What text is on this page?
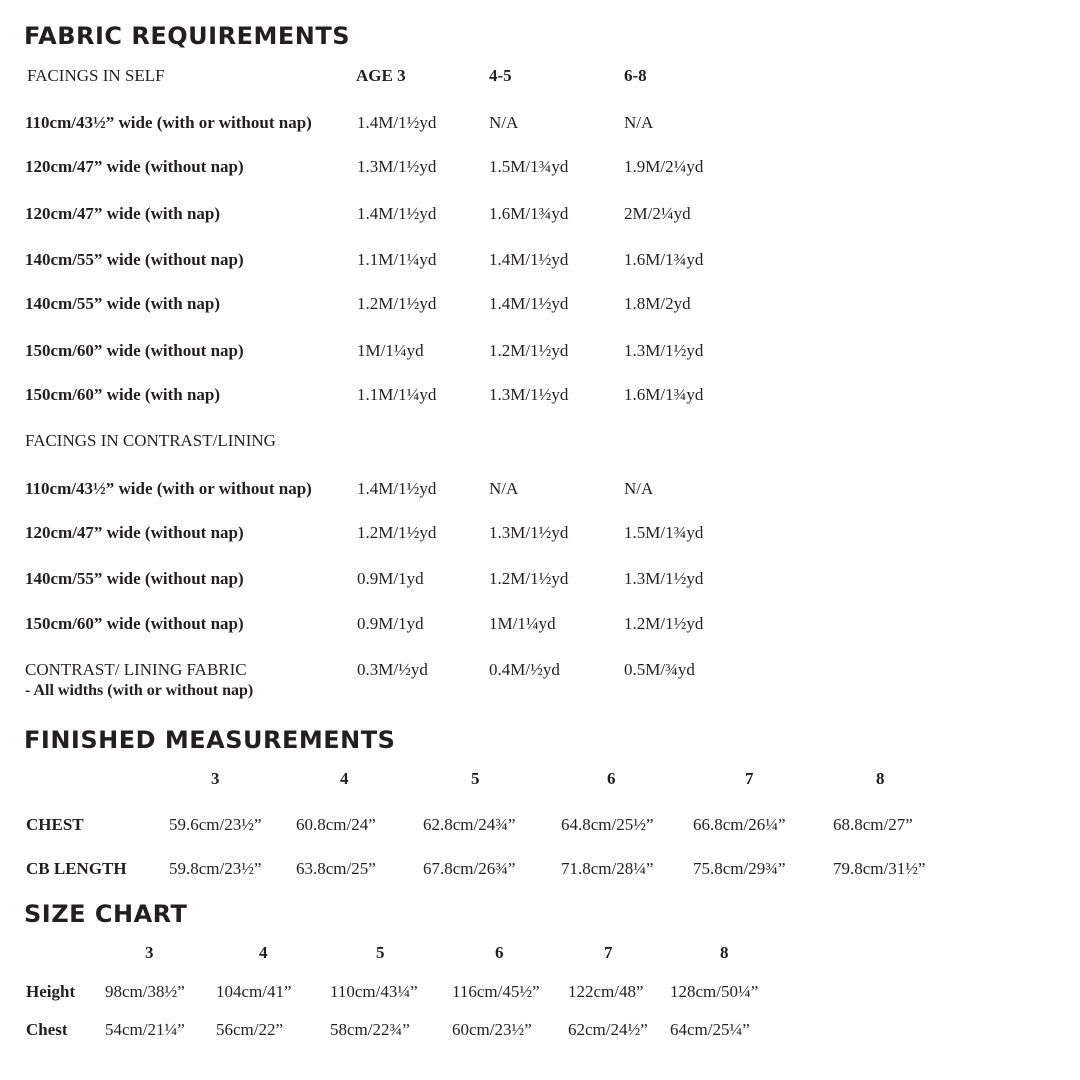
FABRIC REQUIREMENTS
FACINGS IN SELF	AGE 3	4-5	6-8
110cm/43½” wide (with or without nap)	1.4M/1½yd	N/A	N/A
120cm/47” wide (without nap)	1.3M/1½yd	1.5M/1¾yd	1.9M/2¼yd
120cm/47” wide (with nap)	1.4M/1½yd	1.6M/1¾yd	2M/2¼yd
140cm/55” wide (without nap)	1.1M/1¼yd	1.4M/1½yd	1.6M/1¾yd
140cm/55” wide (with nap)	1.2M/1½yd	1.4M/1½yd	1.8M/2yd
150cm/60” wide (without nap)	1M/1¼yd	1.2M/1½yd	1.3M/1½yd
150cm/60” wide (with nap)	1.1M/1¼yd	1.3M/1½yd	1.6M/1¾yd
FACINGS IN CONTRAST/LINING
110cm/43½” wide (with or without nap)	1.4M/1½yd	N/A	N/A
120cm/47” wide (without nap)	1.2M/1½yd	1.3M/1½yd	1.5M/1¾yd
140cm/55” wide (without nap)	0.9M/1yd	1.2M/1½yd	1.3M/1½yd
150cm/60” wide (without nap)	0.9M/1yd	1M/1¼yd	1.2M/1½yd
CONTRAST/ LINING FABRIC
- All widths (with or without nap)
0.3M/½yd	0.4M/½yd	0.5M/¾yd
FINISHED MEASUREMENTS
3	4	5	6	7	8
CHEST	59.6cm/23½” 60.8cm/24”	62.8cm/24¾”	64.8cm/25½” 66.8cm/26¼”	68.8cm/27”
CB LENGTH 59.8cm/23½” 63.8cm/25”	67.8cm/26¾”	71.8cm/28¼” 75.8cm/29¾”	79.8cm/31½”
SIZE CHART
3	4	5	6	7	8
Height 98cm/38½” 104cm/41” 110cm/43¼” 116cm/45½” 122cm/48” 128cm/50¼”
Chest 54cm/21¼” 56cm/22”	58cm/22¾” 60cm/23½” 62cm/24½” 64cm/25¼”
